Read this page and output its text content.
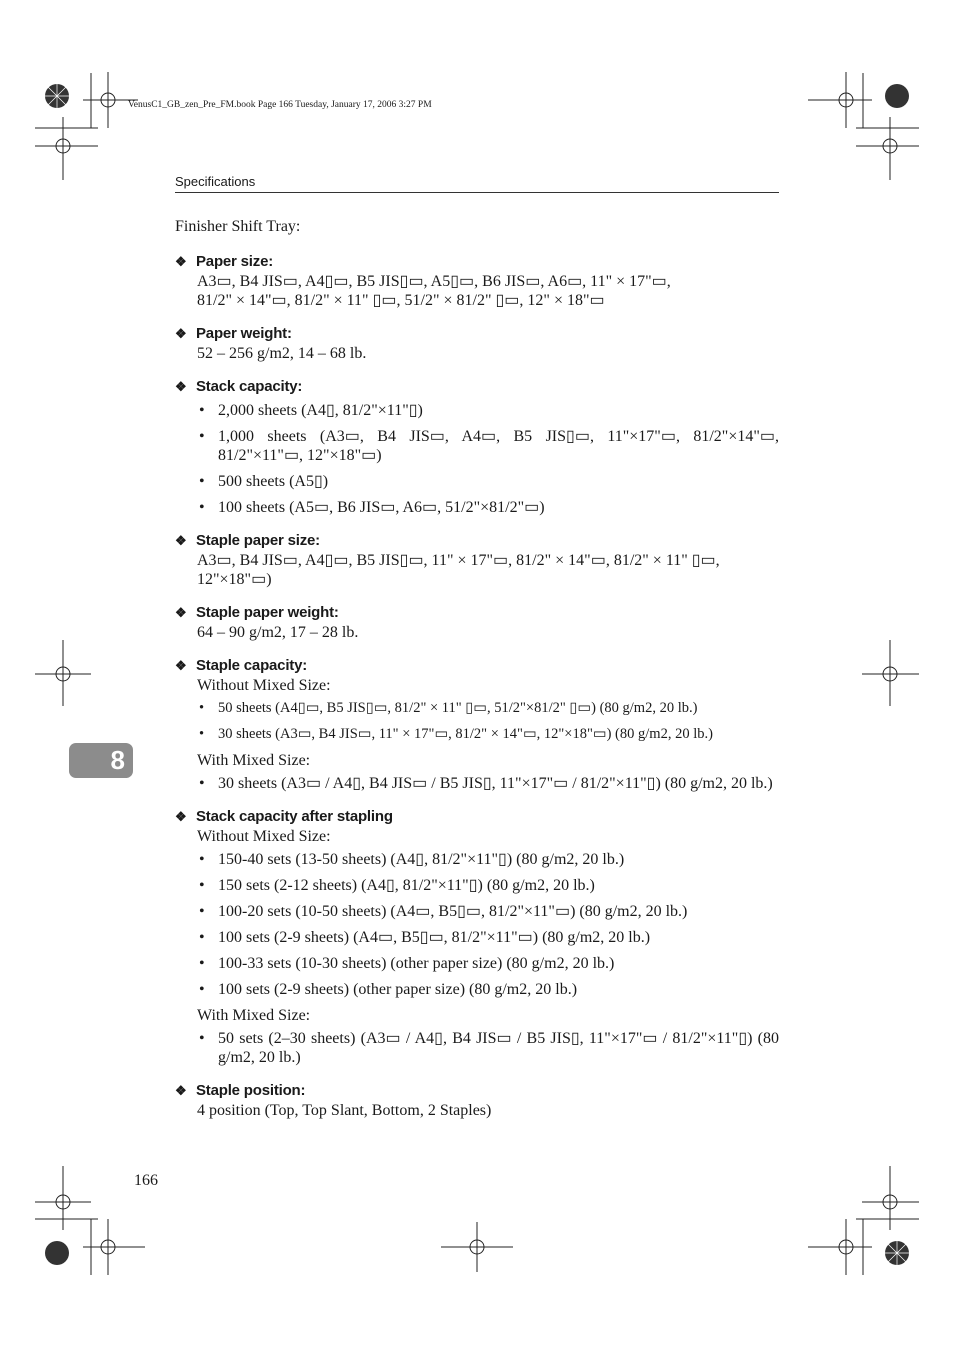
VenusC1_GB_zen_Pre_FM.book Page 166 Tuesday, January 17, 2006 3:27 PM
Specifications
Finisher Shift Tray:
❖ Paper size:
A3▭, B4 JIS▭, A4▯▭, B5 JIS▯▭, A5▯▭, B6 JIS▭, A6▭, 11" × 17"▭,
81/2" × 14"▭, 81/2" × 11" ▯▭, 51/2" × 81/2" ▯▭, 12" × 18"▭
❖ Paper weight:
52 – 256 g/m2, 14 – 68 lb.
❖ Stack capacity:
• 2,000 sheets (A4▯, 81/2"×11"▯)
• 1,000 sheets (A3▭, B4 JIS▭, A4▭, B5 JIS▯▭, 11"×17"▭, 81/2"×14"▭, 81/2"×11"▭, 12"×18"▭)
• 500 sheets (A5▯)
• 100 sheets (A5▭, B6 JIS▭, A6▭, 51/2"×81/2"▭)
❖ Staple paper size:
A3▭, B4 JIS▭, A4▯▭, B5 JIS▯▭, 11" × 17"▭, 81/2" × 14"▭, 81/2" × 11" ▯▭,
12"×18"▭)
❖ Staple paper weight:
64 – 90 g/m2, 17 – 28 lb.
❖ Staple capacity:
Without Mixed Size:
• 50 sheets (A4▯▭, B5 JIS▯▭, 81/2" × 11" ▯▭, 51/2"×81/2" ▯▭) (80 g/m2, 20 lb.)
• 30 sheets (A3▭, B4 JIS▭, 11" × 17"▭, 81/2" × 14"▭, 12"×18"▭) (80 g/m2, 20 lb.)
With Mixed Size:
• 30 sheets (A3▭ / A4▯, B4 JIS▭ / B5 JIS▯, 11"×17"▭ / 81/2"×11"▯) (80 g/m2, 20 lb.)
❖ Stack capacity after stapling
Without Mixed Size:
• 150-40 sets (13-50 sheets) (A4▯, 81/2"×11"▯) (80 g/m2, 20 lb.)
• 150 sets (2-12 sheets) (A4▯, 81/2"×11"▯) (80 g/m2, 20 lb.)
• 100-20 sets (10-50 sheets) (A4▭, B5▯▭, 81/2"×11"▭) (80 g/m2, 20 lb.)
• 100 sets (2-9 sheets) (A4▭, B5▯▭, 81/2"×11"▭) (80 g/m2, 20 lb.)
• 100-33 sets (10-30 sheets) (other paper size) (80 g/m2, 20 lb.)
• 100 sets (2-9 sheets) (other paper size) (80 g/m2, 20 lb.)
With Mixed Size:
• 50 sets (2–30 sheets) (A3▭ / A4▯, B4 JIS▭ / B5 JIS▯, 11"×17"▭ / 81/2"×11"▯) (80 g/m2, 20 lb.)
❖ Staple position:
4 position (Top, Top Slant, Bottom, 2 Staples)
8
166
